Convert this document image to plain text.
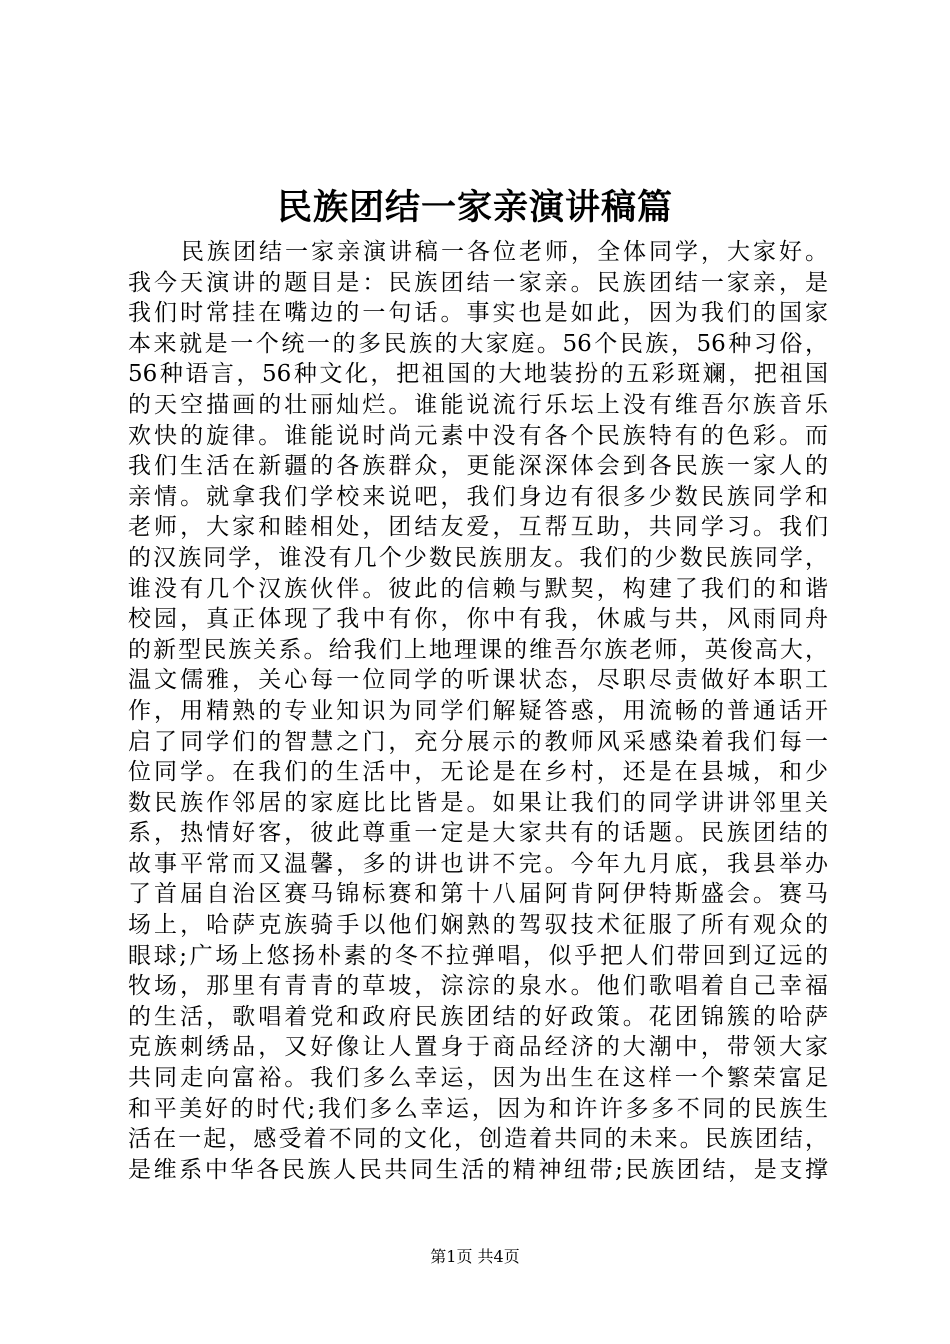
民族团结一家亲演讲稿篇
民族团结一家亲演讲稿一各位老师，全体同学，大家好。
我今天演讲的题目是：民族团结一家亲。民族团结一家亲，是
我们时常挂在嘴边的一句话。事实也是如此，因为我们的国家
本来就是一个统一的多民族的大家庭。56个民族，56种习俗，
56种语言，56种文化，把祖国的大地装扮的五彩斑斓，把祖国
的天空描画的壮丽灿烂。谁能说流行乐坛上没有维吾尔族音乐
欢快的旋律。谁能说时尚元素中没有各个民族特有的色彩。而
我们生活在新疆的各族群众，更能深深体会到各民族一家人的
亲情。就拿我们学校来说吧，我们身边有很多少数民族同学和
老师，大家和睦相处，团结友爱，互帮互助，共同学习。我们
的汉族同学，谁没有几个少数民族朋友。我们的少数民族同学，
谁没有几个汉族伙伴。彼此的信赖与默契，构建了我们的和谐
校园，真正体现了我中有你，你中有我，休戚与共，风雨同舟
的新型民族关系。给我们上地理课的维吾尔族老师，英俊高大，
温文儒雅，关心每一位同学的听课状态，尽职尽责做好本职工
作，用精熟的专业知识为同学们解疑答惑，用流畅的普通话开
启了同学们的智慧之门，充分展示的教师风采感染着我们每一
位同学。在我们的生活中，无论是在乡村，还是在县城，和少
数民族作邻居的家庭比比皆是。如果让我们的同学讲讲邻里关
系，热情好客，彼此尊重一定是大家共有的话题。民族团结的
故事平常而又温馨，多的讲也讲不完。今年九月底，我县举办
了首届自治区赛马锦标赛和第十八届阿肯阿伊特斯盛会。赛马
场上，哈萨克族骑手以他们娴熟的驾驭技术征服了所有观众的
眼球;广场上悠扬朴素的冬不拉弹唱，似乎把人们带回到辽远的
牧场，那里有青青的草坡，淙淙的泉水。他们歌唱着自己幸福
的生活，歌唱着党和政府民族团结的好政策。花团锦簇的哈萨
克族刺绣品，又好像让人置身于商品经济的大潮中，带领大家
共同走向富裕。我们多么幸运，因为出生在这样一个繁荣富足
和平美好的时代;我们多么幸运，因为和许许多多不同的民族生
活在一起，感受着不同的文化，创造着共同的未来。民族团结，
是维系中华各民族人民共同生活的精神纽带;民族团结，是支撑
第1页 共4页
